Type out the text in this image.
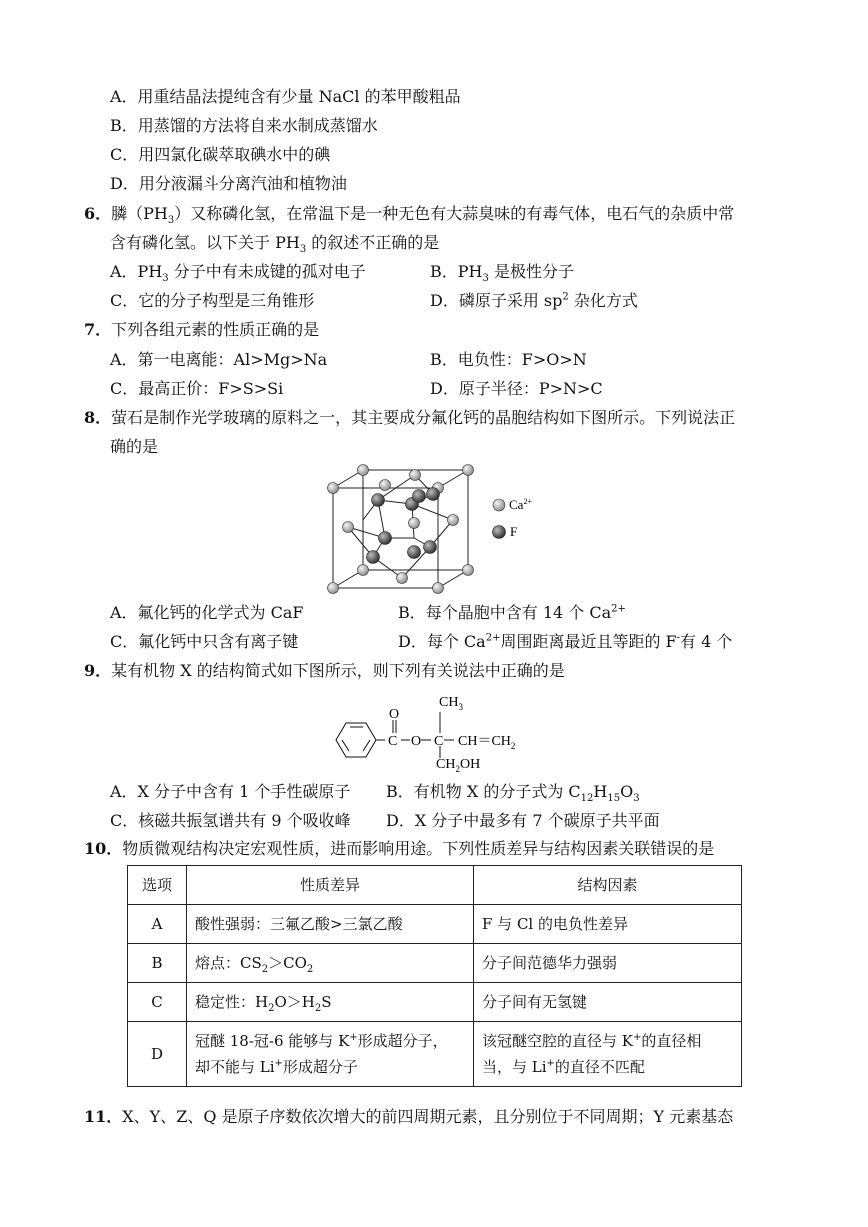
A．用重结晶法提纯含有少量 NaCl 的苯甲酸粗品
B．用蒸馏的方法将自来水制成蒸馏水
C．用四氯化碳萃取碘水中的碘
D．用分液漏斗分离汽油和植物油
6．膦$(PH_3)$又称磷化氢，在常温下是一种无色有大蒜臭味的有毒气体，电石气的杂质中常
含有磷化氢。以下关于 $PH_3$ 的叙述不正确的是
A．$PH_3$ 分子中有未成键的孤对电子	B．$PH_3$ 是极性分子
C．它的分子构型是三角锥形	D．磷原子采用 $sp^2$ 杂化方式
7．下列各组元素的性质正确的是
A．第一电离能：Al>Mg>Na	B．电负性：F>O>N
C．最高正价：F>S>Si	D．原子半径：P>N>C
8．萤石是制作光学玻璃的原料之一，其主要成分氟化钙的晶胞结构如下图所示。下列说法正
确的是
$Ca^{2+}$
F
A．氟化钙的化学式为 CaF	B．每个晶胞中含有 14 个 $Ca^{2+}$
C．氟化钙中只含有离子键	D．每个 $Ca^{2+}$周围距离最近且等距的 F-有 4 个
9．某有机物 X 的结构简式如下图所示，则下列有关说法中正确的是
O
C O C
$CH_3$
$CH=CH_2$
$CH_2OH$
A．X 分子中含有 1 个手性碳原子 B．有机物 X 的分子式为 $C_{12}H_{15}O_3$
C．核磁共振氢谱共有 9 个吸收峰 D．X 分子中最多有 7 个碳原子共平面
10．物质微观结构决定宏观性质，进而影响用途。下列性质差异与结构因素关联错误的是
选项	性质差异	结构因素
A	酸性强弱：三氟乙酸>三氯乙酸	F 与 Cl 的电负性差异
B	熔点：$CS_2>CO_2$	分子间范德华力强弱
C	稳定性：$H_2O>H_2S$	分子间有无氢键
D	冠醚 18-冠-6 能够与 K+形成超分子，
却不能与 Li+形成超分子	该冠醚空腔的直径与 K+的直径相
当，与 Li+的直径不匹配
11．X、Y、Z、Q 是原子序数依次增大的前四周期元素，且分别位于不同周期；Y 元素基态
